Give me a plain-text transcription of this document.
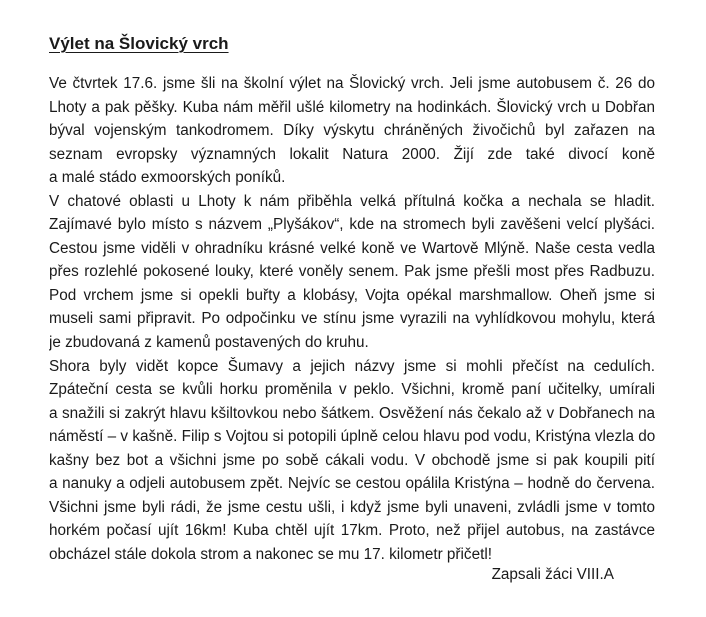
Výlet na Šlovický vrch
Ve čtvrtek 17.6. jsme šli na školní výlet na Šlovický vrch. Jeli jsme autobusem č. 26 do
Lhoty a pak pěšky. Kuba nám měřil ušlé kilometry na hodinkách. Šlovický vrch u Dobřan
býval vojenským tankodromem. Díky výskytu chráněných živočichů byl zařazen na
seznam evropsky významných lokalit Natura 2000. Žijí zde také divocí koně
a malé stádo exmoorských poníků.
V chatové oblasti u Lhoty k nám přiběhla velká přítulná kočka a nechala se hladit.
Zajímavé bylo místo s názvem „Plyšákov“, kde na stromech byli zavěšeni velcí plyšáci.
Cestou jsme viděli v ohradníku krásné velké koně ve Wartově Mlýně. Naše cesta vedla
přes rozlehlé pokosené louky, které voněly senem. Pak jsme přešli most přes Radbuzu.
Pod vrchem jsme si opekli buřty a klobásy, Vojta opékal marshmallow. Oheň jsme si
museli sami připravit. Po odpočinku ve stínu jsme vyrazili na vyhlídkovou mohylu, která
je zbudovaná z kamenů postavených do kruhu.
Shora byly vidět kopce Šumavy a jejich názvy jsme si mohli přečíst na cedulích.
Zpáteční cesta se kvůli horku proměnila v peklo. Všichni, kromě paní učitelky, umírali
a snažili si zakrýt hlavu kšiltovkou nebo šátkem. Osvěžení nás čekalo až v Dobřanech na
náměstí – v kašně. Filip s Vojtou si potopili úplně celou hlavu pod vodu, Kristýna vlezla do
kašny bez bot a všichni jsme po sobě cákali vodu. V obchodě jsme si pak koupili pití
a nanuky a odjeli autobusem zpět. Nejvíc se cestou opálila Kristýna – hodně do červena.
Všichni jsme byli rádi, že jsme cestu ušli, i když jsme byli unaveni, zvládli jsme v tomto
horkém počasí ujít 16km! Kuba chtěl ujít 17km. Proto, než přijel autobus, na zastávce
obcházel stále dokola strom a nakonec se mu 17. kilometr přičetl!

Zapsali žáci VIII.A
